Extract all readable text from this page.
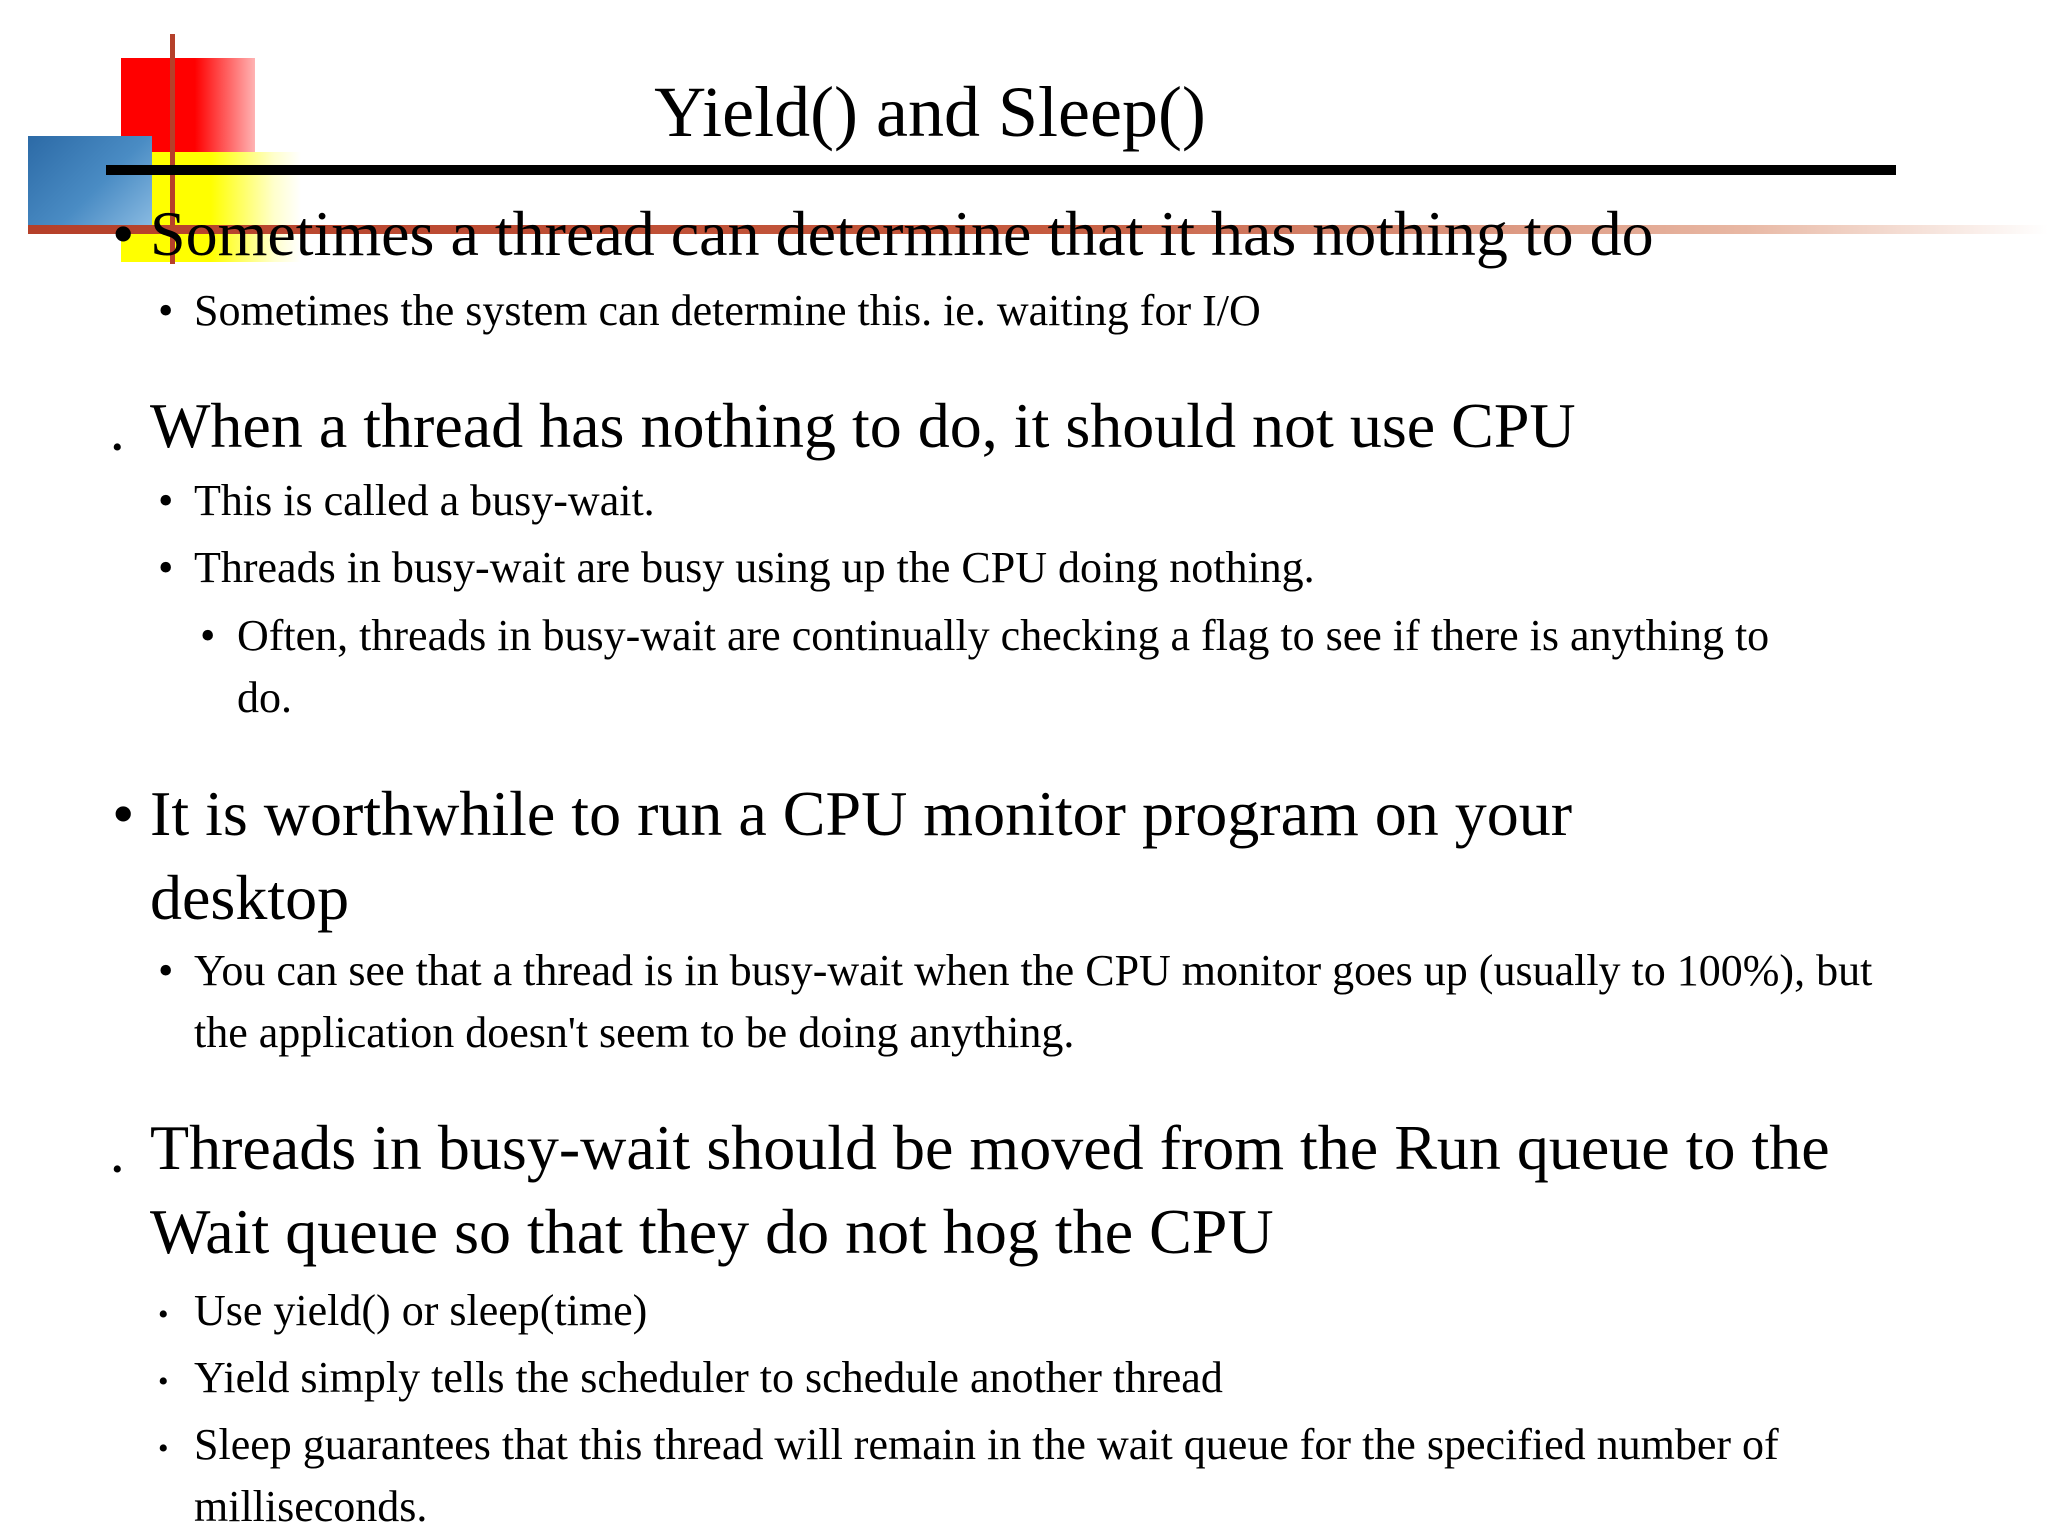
Yield() and Sleep()
• Sometimes a thread can determine that it has nothing to do
• Sometimes the system can determine this. ie. waiting for I/O
• When a thread has nothing to do, it should not use CPU
• This is called a busy-wait.
• Threads in busy-wait are busy using up the CPU doing nothing.
• Often, threads in busy-wait are continually checking a flag to see if there is anything to do.
• It is worthwhile to run a CPU monitor program on your desktop
• You can see that a thread is in busy-wait when the CPU monitor goes up (usually to 100%), but the application doesn't seem to be doing anything.
• Threads in busy-wait should be moved from the Run queue to the Wait queue so that they do not hog the CPU
• Use yield() or sleep(time)
• Yield simply tells the scheduler to schedule another thread
• Sleep guarantees that this thread will remain in the wait queue for the specified number of milliseconds.
